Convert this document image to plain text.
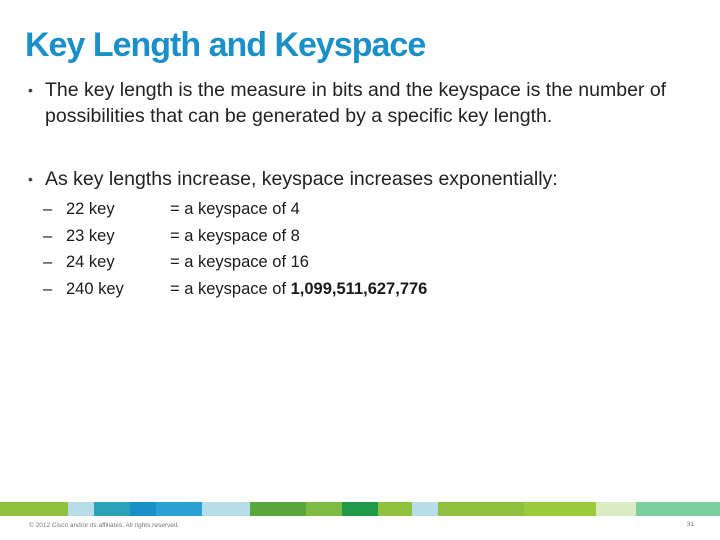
Key Length and Keyspace
• The key length is the measure in bits and the keyspace is the number of possibilities that can be generated by a specific key length.
• As key lengths increase, keyspace increases exponentially:
– 22 key	= a keyspace of 4
– 23 key	= a keyspace of 8
– 24 key	= a keyspace of 16
– 240 key	= a keyspace of 1,099,511,627,776
© 2012 Cisco and/or its affiliates. All rights reserved.	31
